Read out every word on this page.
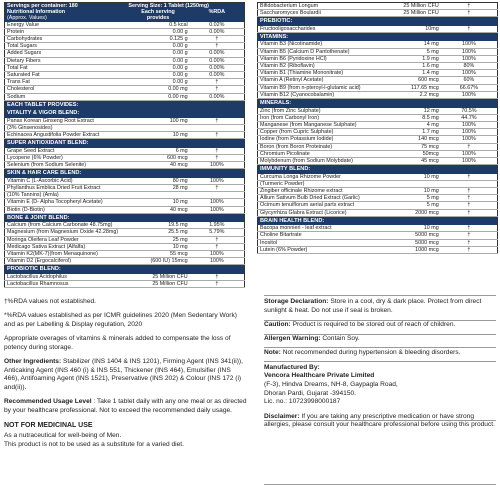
Servings per container: 180	Serving Size: 1 Tablet (1250mg)	
Nutritional Information	Each serving	%RDA
(Approx. Values)	provides	
Energy Value	0.5 kcal	0.02%
Protein	0.00 g	0.00%
Carbohydrates	0.125 g	†
Total Sugars	0.00 g	†
Added Sugars	0.00 g	0.00%
Dietary Fibers	0.00 g	0.00%
Total Fat	0.00 g	0.00%
Saturated Fat	0.00 g	0.00%
Trans Fat	0.00 g	†
Cholesterol	0.00 mg	†
Sodium	0.00 mg	0.00%
EACH TABLET PROVIDES:		
VITALITY & VIGOR BLEND:		
Panax Korean Ginseng Root Extract	100 mg	†
(3% Ginsenosides)		
Echinacea Angustifolia Powder Extract	10 mg	†
SUPER ANTIOXIDANT BLEND:		
Grape Seed Extract	6 mg	†
Lycopene (6% Powder)	600 mcg	†
Selenium (from Sodium Selenite)	40 mcg	100%
SKIN & HAIR CARE BLEND:		
Vitamin C (L-Ascorbic Acid)	80 mg	100%
Phyllanthus Emblica Dried Fruit Extract	28 mg	†
(10% Tannins) (Amla)		
Vitamin E (D- Alpha Tocopheryl Acetate)	10 mg	100%
Biotin (D-Biotin)	40 mcg	100%
BONE & JOINT BLEND:		
Calcium (from Calcium Carbonate 48.75mg)	19.5 mg	1.95%
Magnesium (from Magnesium Oxide 42.28mg)	25.5 mg	5.79%
Moringa Oleifera Leaf Powder	25 mg	†
Medicago Sativa Extract (Alfalfa)	10 mg	†
Vitamin K2(MK-7)(from Menaquinone)	55 mcg	100%
Vitamin D2 (Ergocalciferol)	(600 IU) 15mcg	100%
PROBIOTIC BLEND:		
Lactobacillus Acidophilus	25 Million CFU	†
Lactobacillus Rhamnosus	25 Million CFU	†
Bifidobacterium Longum	25 Million CFU	†
Saccharomyces Boulardii	25 Million CFU	†
PREBIOTIC:		
Fructooligosaccharides	10mg	†
VITAMINS:		
Vitamin B3 (Nicotinamide)	14 mg	100%
Vitamin B5 (Calcium D Pantothenate)	5 mg	100%
Vitamin B6 (Pyridoxine HCl)	1.9 mg	100%
Vitamin B2 (Riboflavin)	1.6 mg	80%
Vitamin B1 (Thiamine Mononitrate)	1.4 mg	100%
Vitamin A (Retinyl Acetate)	600 mcg	60%
Vitamin B9 (from n-pteroyl-l-glutamic acid)	117.65 mcg	66.67%
Vitamin B12 (Cyanocobalamin)	2.2 mcg	100%
MINERALS:		
Zinc (from Zinc Sulphate)	12 mg	70.5%
Iron (from Carbonyl Iron)	8.5 mg	44.7%
Manganese (from Manganese Sulphate)	4 mg	100%
Copper (from Cupric Sulphate)	1.7 mg	100%
Iodine (from Potassium Iodide)	140 mcg	100%
Boron (from Boron Proteinate)	75 mcg	†
Chromium Picolinate	50mcg	100%
Molybdenum (from Sodium Molybdate)	45 mcg	100%
IMMUNITY BLEND:		
Curcuma Longa Rhizome Powder	10 mg	†
(Turmeric Powder)		
Zingiber officinale Rhizome extract	10 mg	†
Allium Sativum Bulb Dried Extract (Garlic)	5 mg	†
Ocimum tenuiflorum aerial parts extract	5 mg	†
Glycyrrhiza Glabra Extract (Licorice)	2000 mcg	†
BRAIN HEALTH BLEND:		
Bacopa monnieri - leaf extract	10 mg	†
Choline Bitartrate	5000 mcg	†
Inositol	5000 mcg	†
Lutein (6% Powder)	1000 mcg	†

†%RDA values not established.

*%RDA values established as per ICMR guidelines 2020 (Men Sedentary Work) and as per Labelling & Display regulation, 2020

Appropriate overages of vitamins & minerals added to compensate the loss of potency during storage.

Other Ingredients: Stabilizer (INS 1404 & INS 1201), Firming Agent (INS 341(ii)), Anticaking Agent (INS 460 (i) & INS 551, Thickener (INS 464), Emulsifier (INS 466), Antifoaming Agent (INS 1521), Preservative (INS 202) & Colour (INS 172 (i) and(ii)).

Recommended Usage Level : Take 1 tablet daily with any one meal or as directed by your healthcare professional. Not to exceed the recommended daily usage.

NOT FOR MEDICINAL USE

As a nutraceutical for well-being of Men.
This product is not to be used as a substitute for a varied diet.

Storage Declaration: Store in a cool, dry & dark place. Protect from direct sunlight & heat. Do not use if seal is broken.

Caution: Product is required to be stored out of reach of children.

Allergen Warning: Contain Soy.

Note: Not recommended during hypertension & bleeding disorders.

Manufactured By:
Vencora Healthcare Private Limited
(F-3), Hindva Dreams, NH-8, Gaypagla Road,
Dhoran Pardi, Gujarat -394150.
Lic. no.: 10723998000187

Disclaimer: If you are taking any prescriptive medication or have strong allergies, please consult your healthcare professional before using this product.
